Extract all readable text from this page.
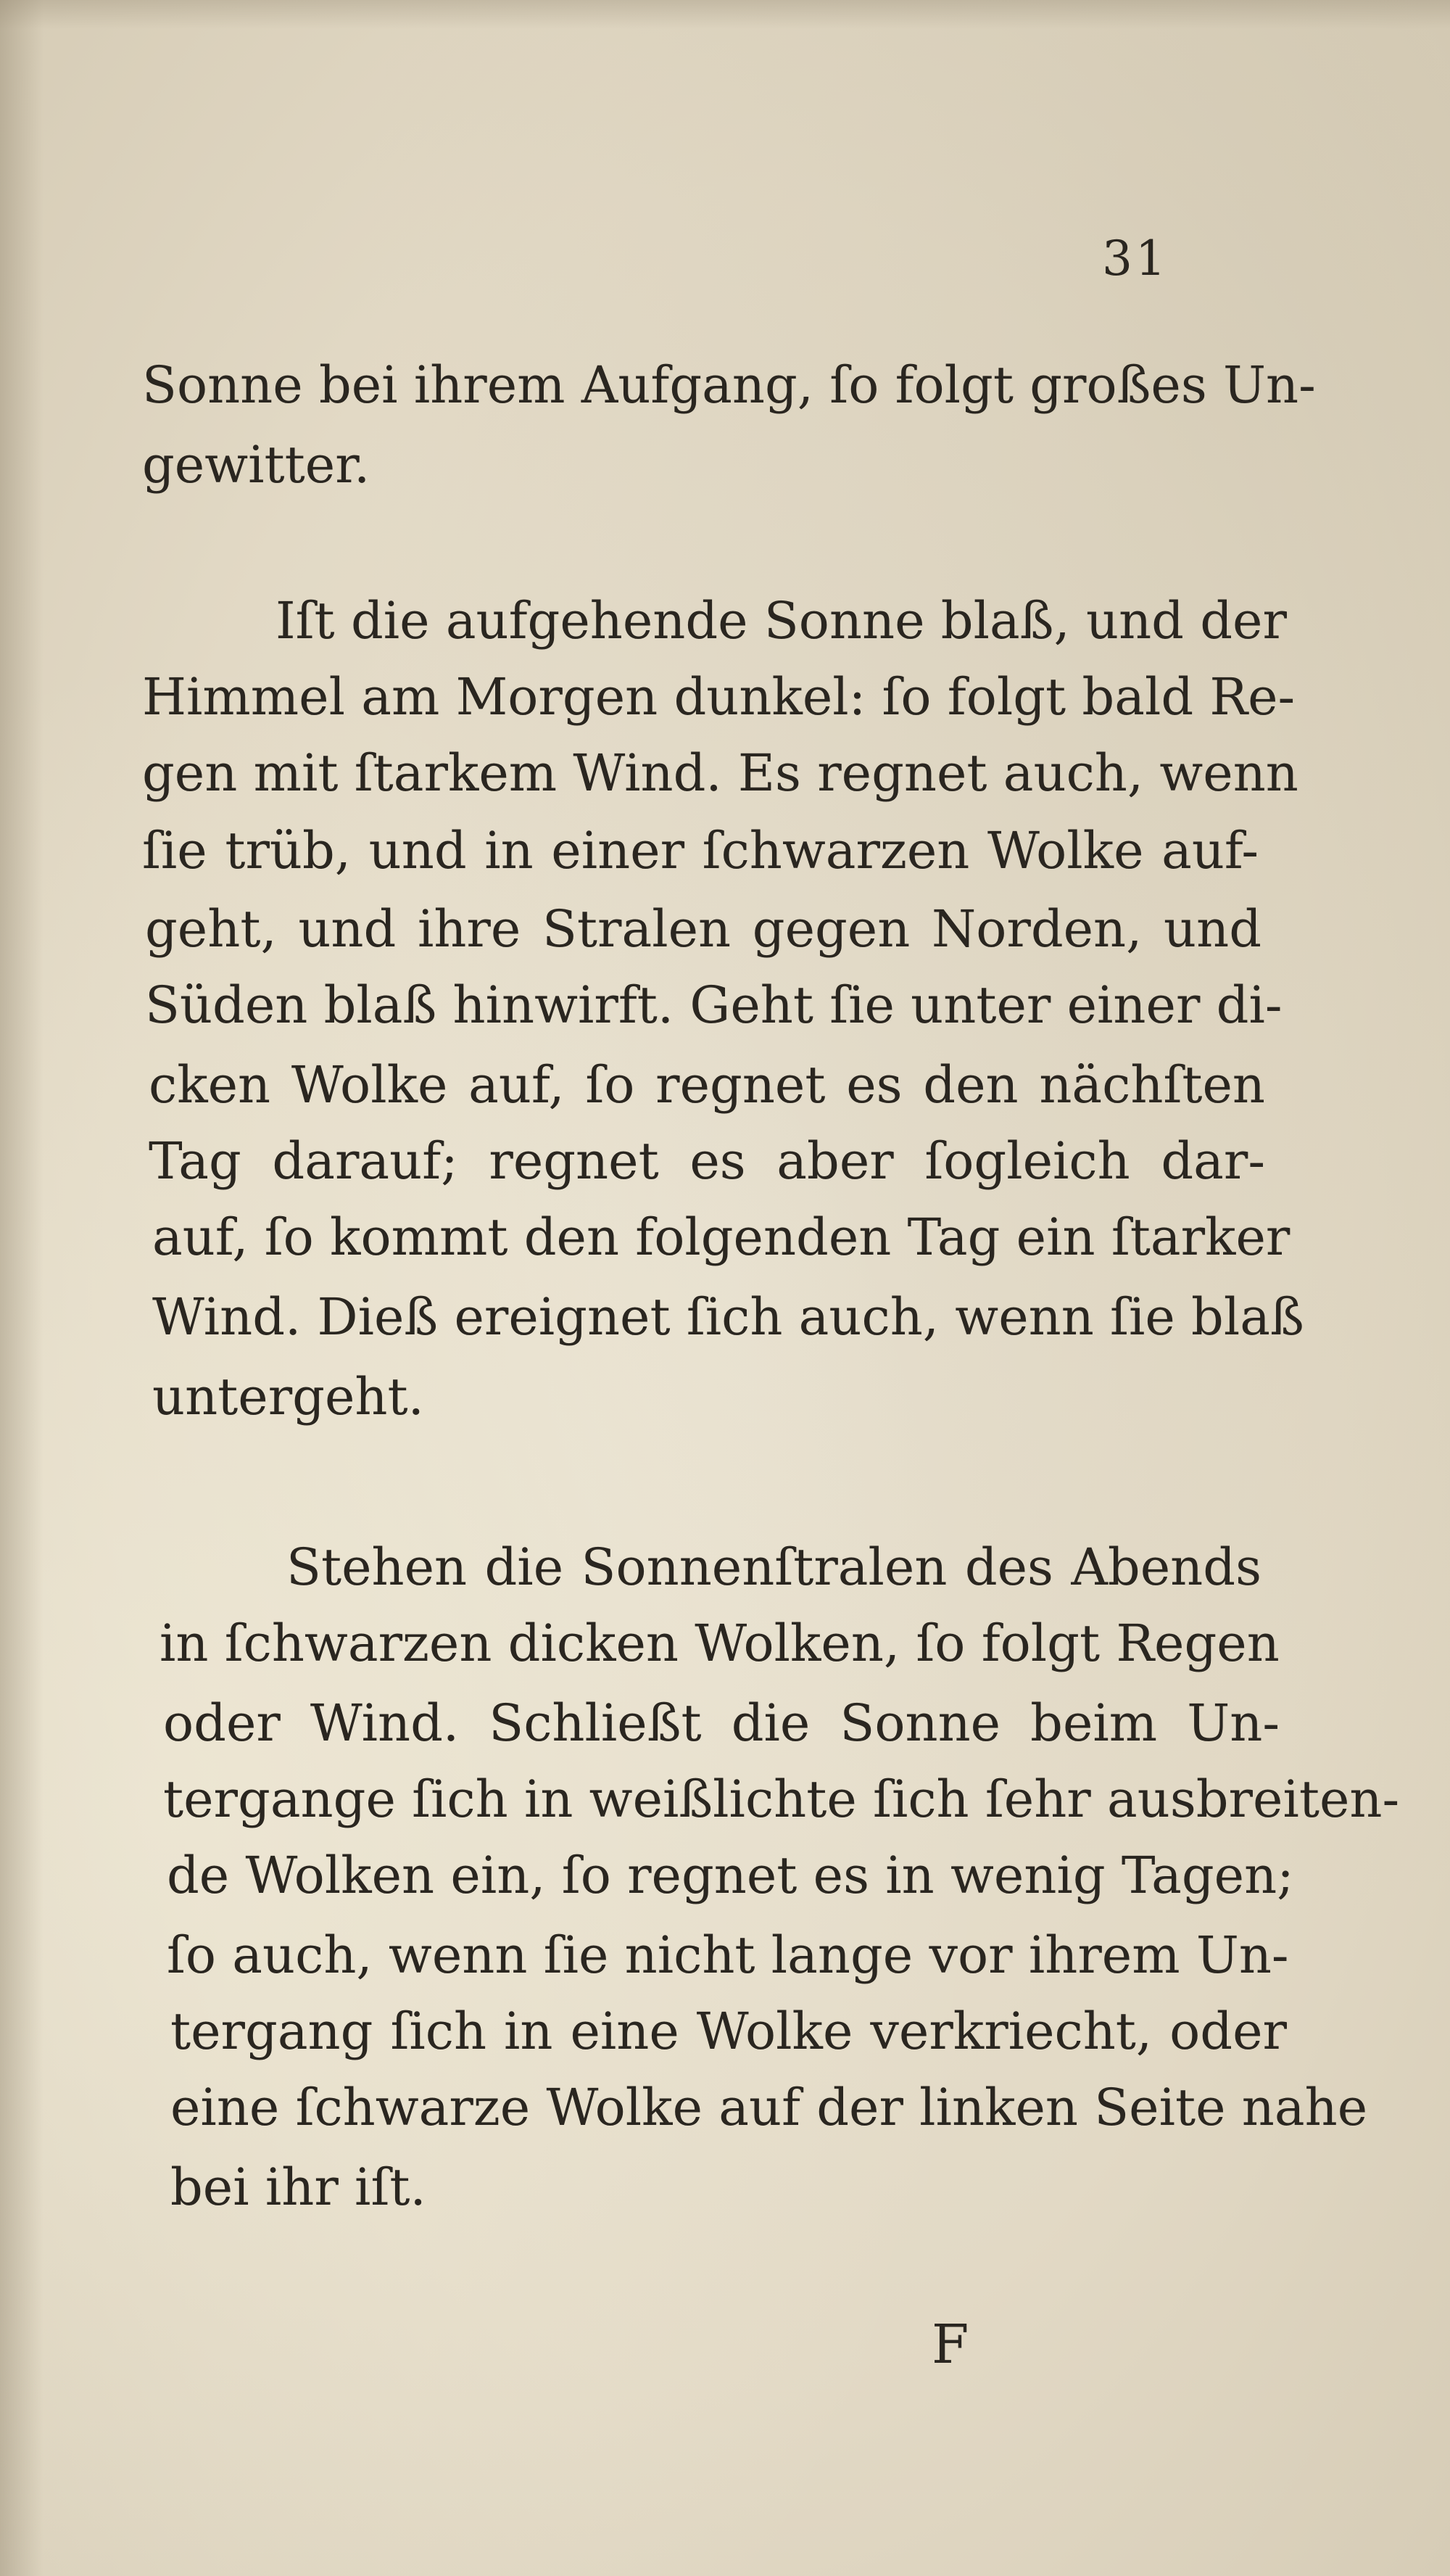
31
Sonne bei ihrem Aufgang, ſo folgt großes Un-
gewitter.
Iſt die aufgehende Sonne blaß, und der
Himmel am Morgen dunkel: ſo folgt bald Re-
gen mit ſtarkem Wind. Es regnet auch, wenn
ſie trüb, und in einer ſchwarzen Wolke auf-
geht, und ihre Stralen gegen Norden, und
Süden blaß hinwirft. Geht ſie unter einer di-
cken Wolke auf, ſo regnet es den nächſten
Tag darauf; regnet es aber ſogleich dar-
auf, ſo kommt den folgenden Tag ein ſtarker
Wind. Dieß ereignet ſich auch, wenn ſie blaß
untergeht.
Stehen die Sonnenſtralen des Abends
in ſchwarzen dicken Wolken, ſo folgt Regen
oder Wind. Schließt die Sonne beim Un-
tergange ſich in weißlichte ſich ſehr ausbreiten-
de Wolken ein, ſo regnet es in wenig Tagen;
ſo auch, wenn ſie nicht lange vor ihrem Un-
tergang ſich in eine Wolke verkriecht, oder
eine ſchwarze Wolke auf der linken Seite nahe
bei ihr iſt.
F
